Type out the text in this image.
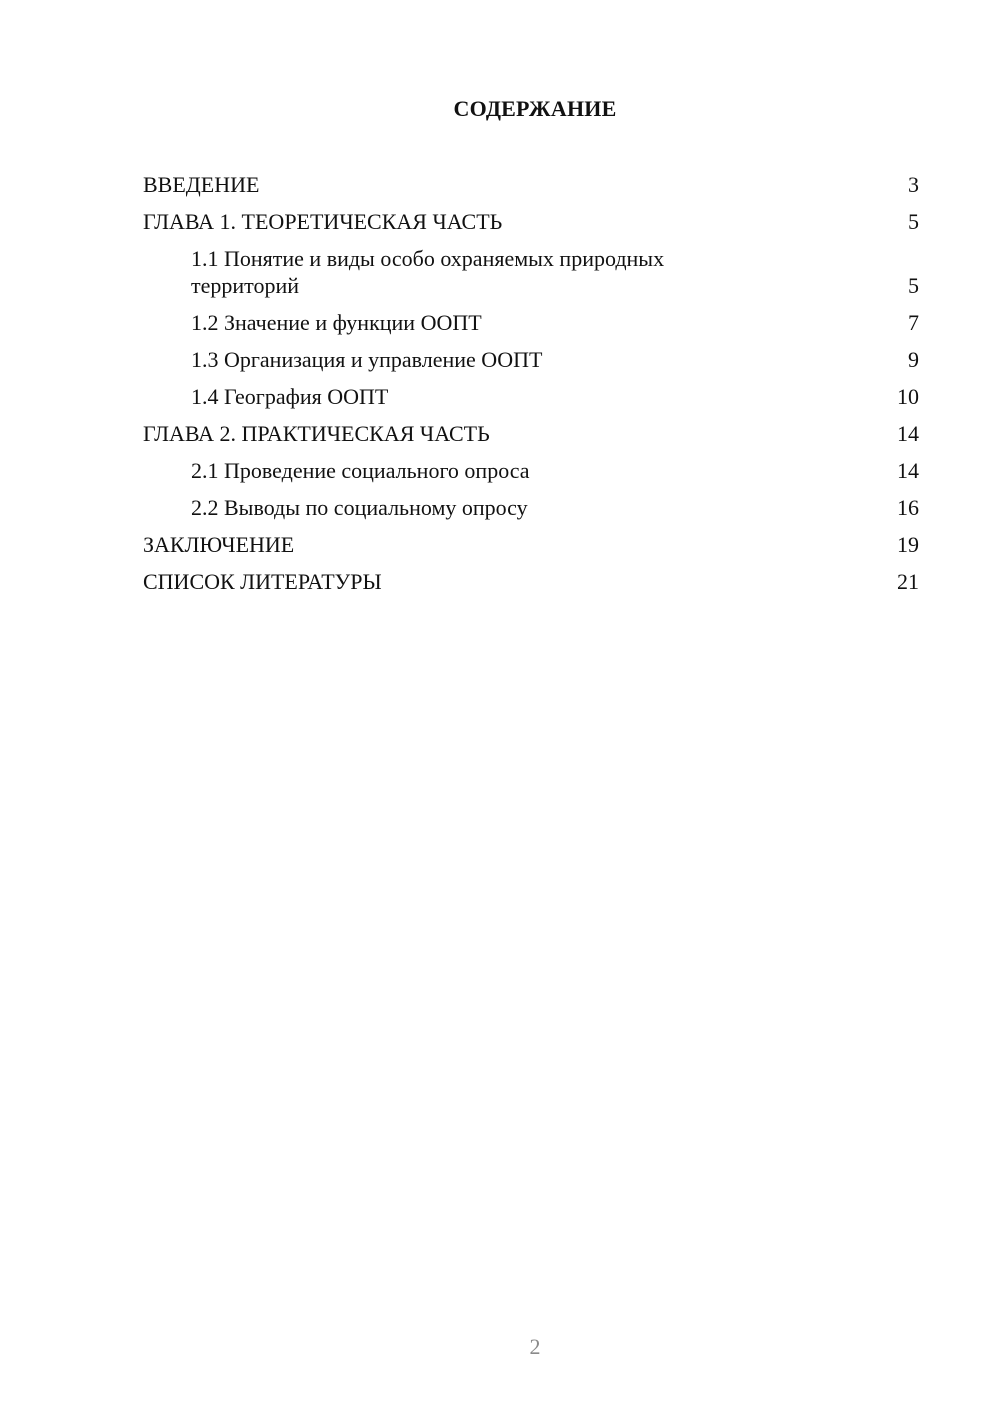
СОДЕРЖАНИЕ
ВВЕДЕНИЕ	3
ГЛАВА 1. ТЕОРЕТИЧЕСКАЯ ЧАСТЬ	5
1.1 Понятие и виды особо охраняемых природных территорий	5
1.2 Значение и функции ООПТ	7
1.3 Организация и управление ООПТ	9
1.4 География ООПТ	10
ГЛАВА 2. ПРАКТИЧЕСКАЯ ЧАСТЬ	14
2.1 Проведение социального опроса	14
2.2 Выводы по социальному опросу	16
ЗАКЛЮЧЕНИЕ	19
СПИСОК ЛИТЕРАТУРЫ	21
2
